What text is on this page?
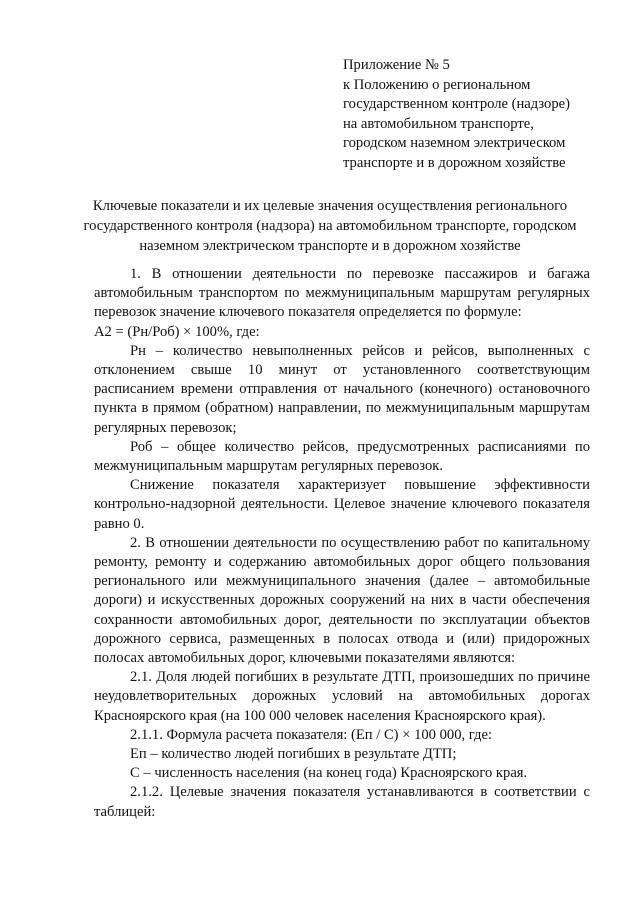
Приложение № 5
к Положению о региональном
государственном контроле (надзоре)
на автомобильном транспорте,
городском наземном электрическом
транспорте и в дорожном хозяйстве
Ключевые показатели и их целевые значения осуществления регионального государственного контроля (надзора) на автомобильном транспорте, городском наземном электрическом транспорте и в дорожном хозяйстве

1. В отношении деятельности по перевозке пассажиров и багажа автомобильным транспортом по межмуниципальным маршрутам регулярных перевозок значение ключевого показателя определяется по формуле:

А2 = (Рн/Роб) × 100%, где:

Рн – количество невыполненных рейсов и рейсов, выполненных с отклонением свыше 10 минут от установленного соответствующим расписанием времени отправления от начального (конечного) остановочного пункта в прямом (обратном) направлении, по межмуниципальным маршрутам регулярных перевозок;

Роб – общее количество рейсов, предусмотренных расписаниями по межмуниципальным маршрутам регулярных перевозок.

Снижение показателя характеризует повышение эффективности контрольно-надзорной деятельности. Целевое значение ключевого показателя равно 0.

2. В отношении деятельности по осуществлению работ по капитальному ремонту, ремонту и содержанию автомобильных дорог общего пользования регионального или межмуниципального значения (далее – автомобильные дороги) и искусственных дорожных сооружений на них в части обеспечения сохранности автомобильных дорог, деятельности по эксплуатации объектов дорожного сервиса, размещенных в полосах отвода и (или) придорожных полосах автомобильных дорог, ключевыми показателями являются:

2.1. Доля людей погибших в результате ДТП, произошедших по причине неудовлетворительных дорожных условий на автомобильных дорогах Красноярского края (на 100 000 человек населения Красноярского края).

2.1.1. Формула расчета показателя: (Еп / С) × 100 000, где:

Еп – количество людей погибших в результате ДТП;

С – численность населения (на конец года) Красноярского края.

2.1.2. Целевые значения показателя устанавливаются в соответствии с таблицей:
